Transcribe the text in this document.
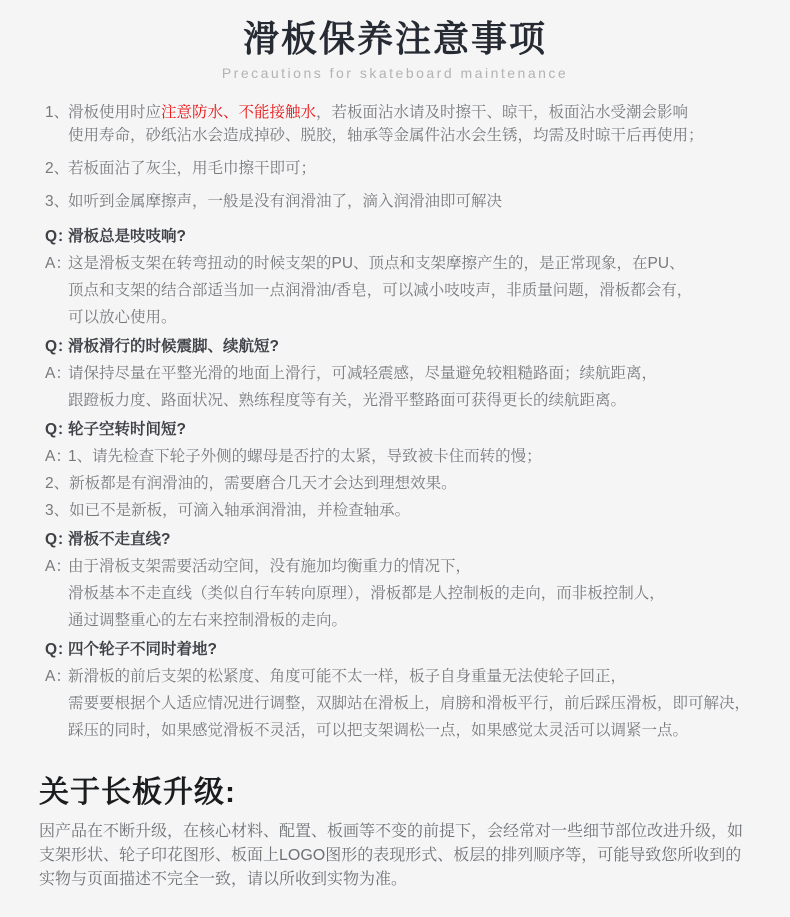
滑板保养注意事项
Precautions for skateboard maintenance
1、
滑板使用时应注意防水、不能接触水，若板面沾水请及时擦干、晾干，板面沾水受潮会影响
使用寿命，砂纸沾水会造成掉砂、脱胶，轴承等金属件沾水会生锈，均需及时晾干后再使用；
2、
若板面沾了灰尘，用毛巾擦干即可；
3、
如听到金属摩擦声，一般是没有润滑油了，滴入润滑油即可解决
Q：
滑板总是吱吱响?
A：
这是滑板支架在转弯扭动的时候支架的PU、顶点和支架摩擦产生的，是正常现象，在PU、
顶点和支架的结合部适当加一点润滑油/香皂，可以减小吱吱声，非质量问题，滑板都会有，
可以放心使用。
Q：
滑板滑行的时候震脚、续航短?
A：
请保持尽量在平整光滑的地面上滑行，可减轻震感，尽量避免较粗糙路面；续航距离，
跟蹬板力度、路面状况、熟练程度等有关，光滑平整路面可获得更长的续航距离。
Q：
轮子空转时间短?
A：
1、请先检查下轮子外侧的螺母是否拧的太紧，导致被卡住而转的慢；
2、新板都是有润滑油的，需要磨合几天才会达到理想效果。
3、如已不是新板，可滴入轴承润滑油，并检查轴承。
Q：
滑板不走直线?
A：
由于滑板支架需要活动空间，没有施加均衡重力的情况下，
滑板基本不走直线（类似自行车转向原理），滑板都是人控制板的走向，而非板控制人，
通过调整重心的左右来控制滑板的走向。
Q：
四个轮子不同时着地?
A：
新滑板的前后支架的松紧度、角度可能不太一样，板子自身重量无法使轮子回正，
需要要根据个人适应情况进行调整，双脚站在滑板上，肩膀和滑板平行，前后踩压滑板，即可解决，
踩压的同时，如果感觉滑板不灵活，可以把支架调松一点，如果感觉太灵活可以调紧一点。
关于长板升级:
因产品在不断升级，在核心材料、配置、板画等不变的前提下，会经常对一些细节部位改进升级，如
支架形状、轮子印花图形、板面上LOGO图形的表现形式、板层的排列顺序等，可能导致您所收到的
实物与页面描述不完全一致，请以所收到实物为准。
